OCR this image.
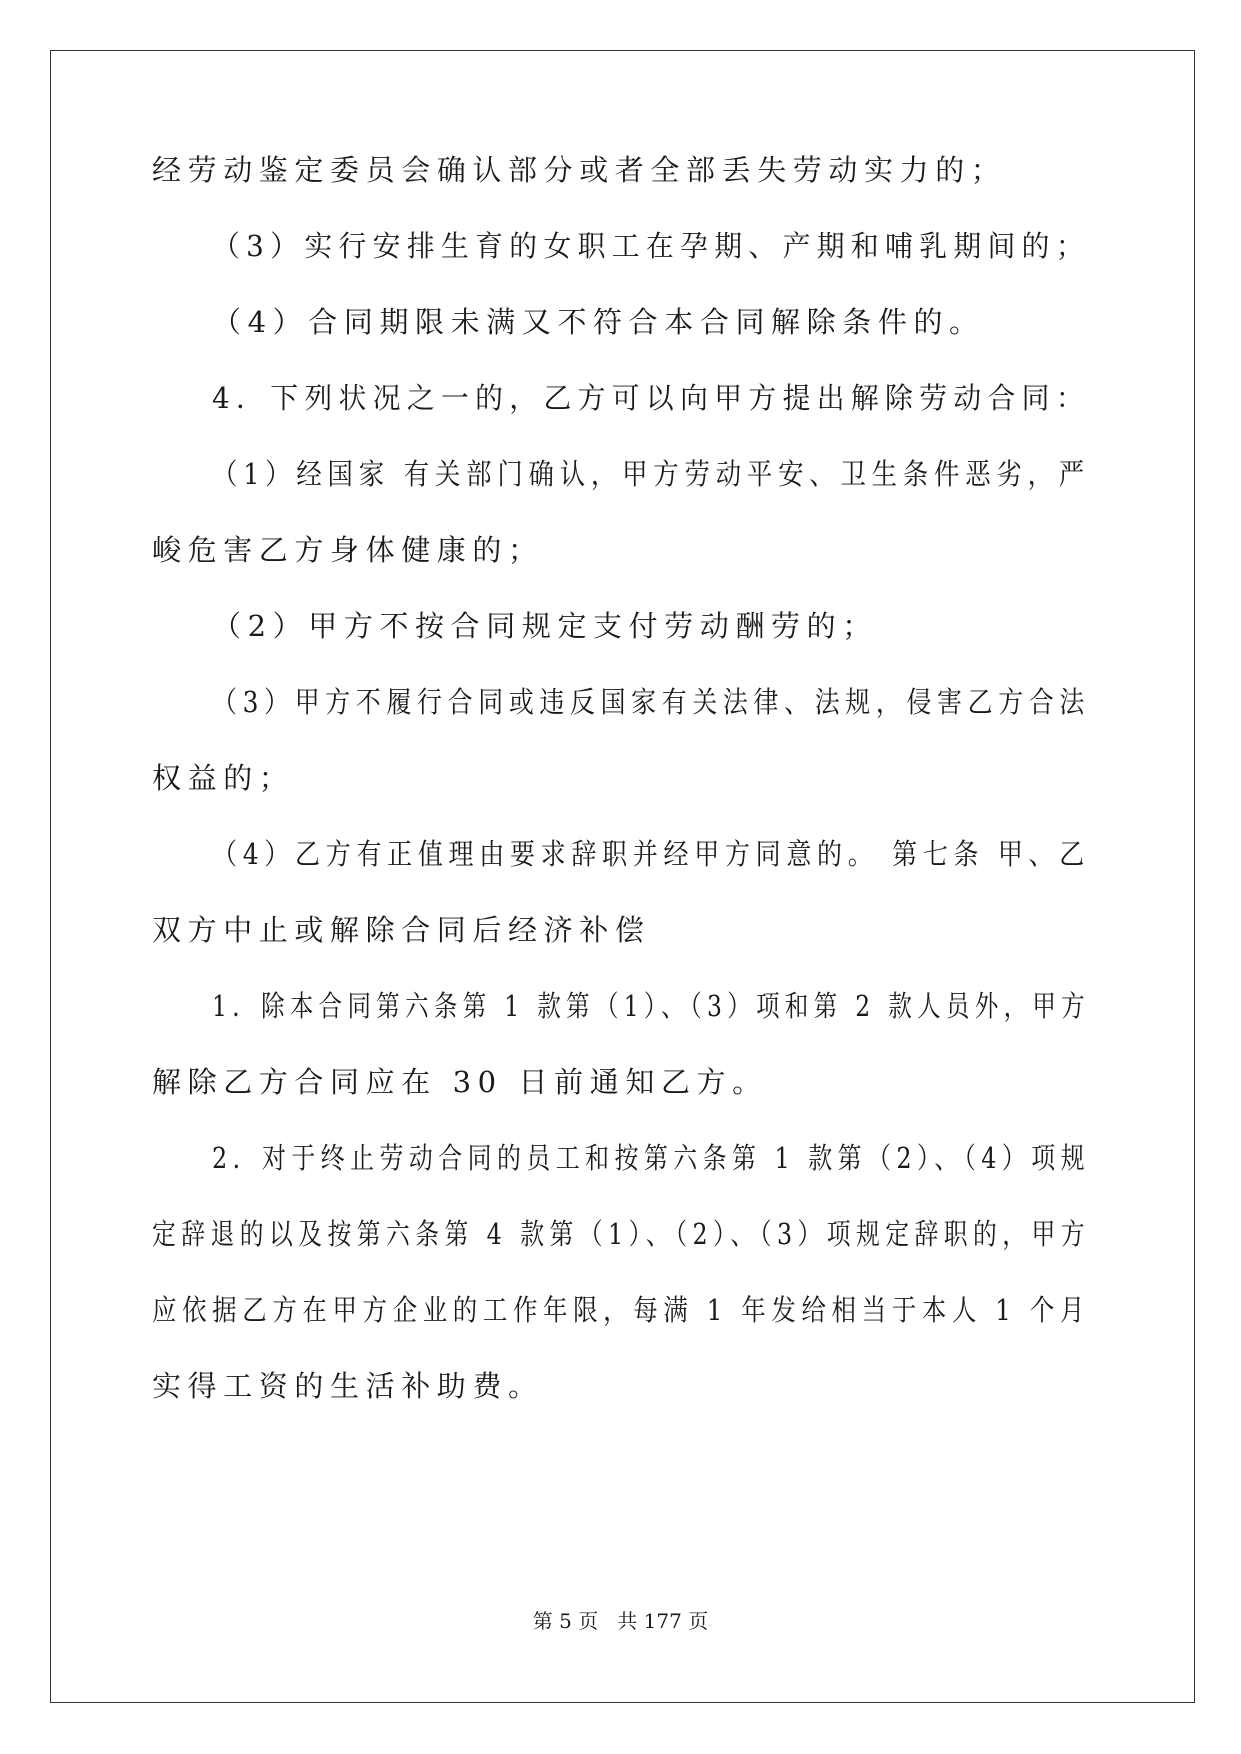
经劳动鉴定委员会确认部分或者全部丢失劳动实力的；
（3）实行安排生育的女职工在孕期、产期和哺乳期间的；
（4）合同期限未满又不符合本合同解除条件的。
4．下列状况之一的，乙方可以向甲方提出解除劳动合同：
（1）经国家 有关部门确认，甲方劳动平安、卫生条件恶劣，严
峻危害乙方身体健康的；
（2）甲方不按合同规定支付劳动酬劳的；
（3）甲方不履行合同或违反国家有关法律、法规，侵害乙方合法
权益的；
（4）乙方有正值理由要求辞职并经甲方同意的。 第七条 甲、乙
双方中止或解除合同后经济补偿
1．除本合同第六条第 1 款第（1）、（3）项和第 2 款人员外，甲方
解除乙方合同应在 30 日前通知乙方。
2．对于终止劳动合同的员工和按第六条第 1 款第（2）、（4）项规
定辞退的以及按第六条第 4 款第（1）、（2）、（3）项规定辞职的，甲方
应依据乙方在甲方企业的工作年限，每满 1 年发给相当于本人 1 个月
实得工资的生活补助费。
第 5 页   共 177 页
